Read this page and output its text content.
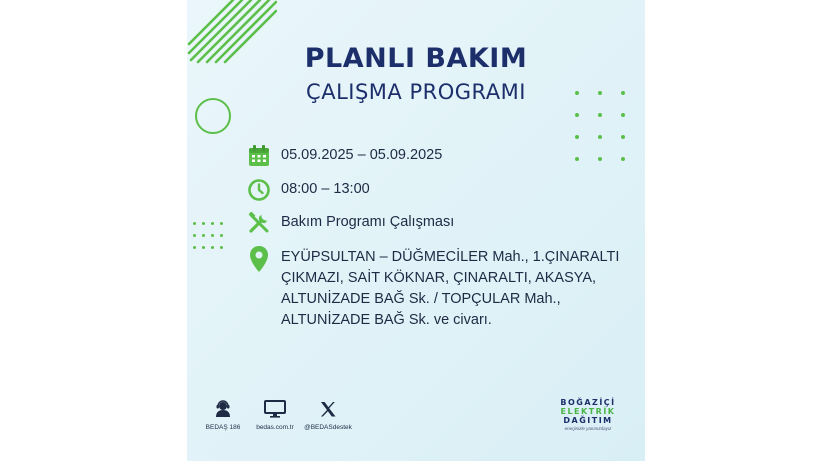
PLANLI BAKIM
ÇALIŞMA PROGRAMI
05.09.2025 – 05.09.2025
08:00 – 13:00
Bakım Programı Çalışması
EYÜPSULTAN – DÜĞMECİLER Mah., 1.ÇINARALTI ÇIKMAZI, SAİT KÖKNAR, ÇINARALTI, AKASYA, ALTUNİZADE BAĞ Sk. / TOPÇULAR Mah., ALTUNİZADE BAĞ Sk. ve civarı.
BEDAŞ 186	bedas.com.tr	@BEDASdestek
BOĞAZİÇİ
ELEKTRİK
DAĞITIM
enerjinizle yanınızdayız
